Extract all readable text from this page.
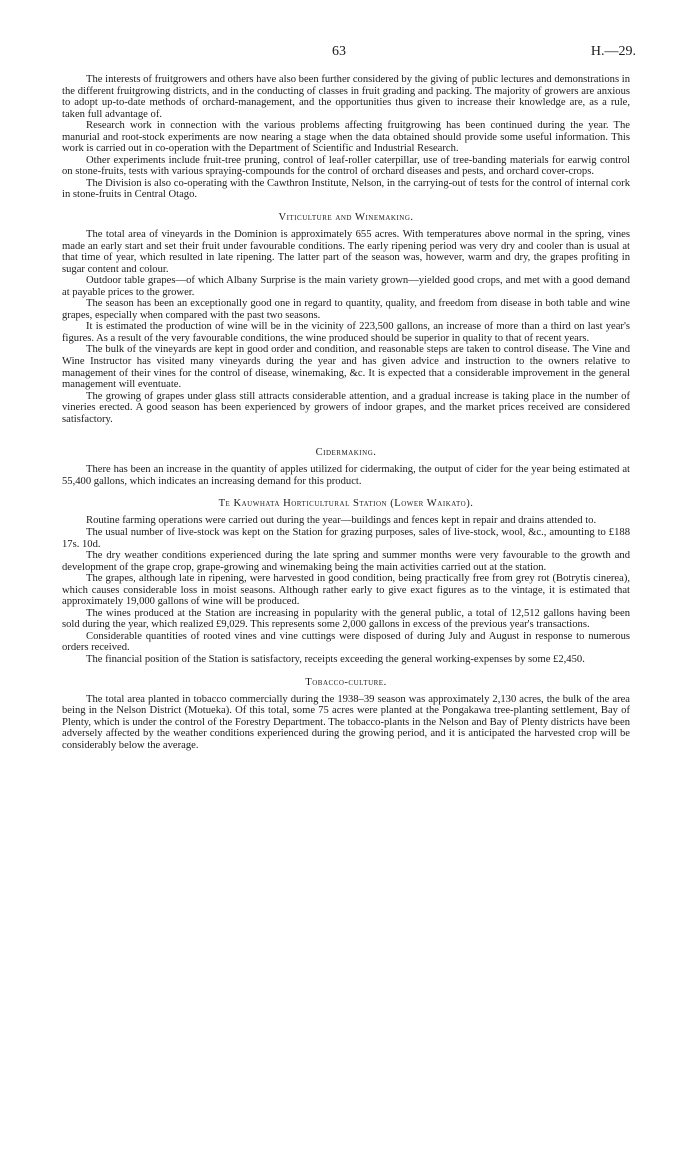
63	H.—29.

The interests of fruitgrowers and others have also been further considered by the giving of public lectures and demonstrations in the different fruitgrowing districts, and in the conducting of classes in fruit grading and packing. The majority of growers are anxious to adopt up-to-date methods of orchard-management, and the opportunities thus given to increase their knowledge are, as a rule, taken full advantage of.

Research work in connection with the various problems affecting fruitgrowing has been continued during the year. The manurial and root-stock experiments are now nearing a stage when the data obtained should provide some useful information. This work is carried out in co-operation with the Department of Scientific and Industrial Research.

Other experiments include fruit-tree pruning, control of leaf-roller caterpillar, use of tree-banding materials for earwig control on stone-fruits, tests with various spraying-compounds for the control of orchard diseases and pests, and orchard cover-crops.

The Division is also co-operating with the Cawthron Institute, Nelson, in the carrying-out of tests for the control of internal cork in stone-fruits in Central Otago.

Viticulture and Winemaking.

The total area of vineyards in the Dominion is approximately 655 acres. With temperatures above normal in the spring, vines made an early start and set their fruit under favourable conditions. The early ripening period was very dry and cooler than is usual at that time of year, which resulted in late ripening. The latter part of the season was, however, warm and dry, the grapes profiting in sugar content and colour.

Outdoor table grapes—of which Albany Surprise is the main variety grown—yielded good crops, and met with a good demand at payable prices to the grower.

The season has been an exceptionally good one in regard to quantity, quality, and freedom from disease in both table and wine grapes, especially when compared with the past two seasons.

It is estimated the production of wine will be in the vicinity of 223,500 gallons, an increase of more than a third on last year's figures. As a result of the very favourable conditions, the wine produced should be superior in quality to that of recent years.

The bulk of the vineyards are kept in good order and condition, and reasonable steps are taken to control disease. The Vine and Wine Instructor has visited many vineyards during the year and has given advice and instruction to the owners relative to management of their vines for the control of disease, winemaking, &c. It is expected that a considerable improvement in the general management will eventuate.

The growing of grapes under glass still attracts considerable attention, and a gradual increase is taking place in the number of vineries erected. A good season has been experienced by growers of indoor grapes, and the market prices received are considered satisfactory.

Cidermaking.

There has been an increase in the quantity of apples utilized for cidermaking, the output of cider for the year being estimated at 55,400 gallons, which indicates an increasing demand for this product.

Te Kauwhata Horticultural Station (Lower Waikato).

Routine farming operations were carried out during the year—buildings and fences kept in repair and drains attended to.

The usual number of live-stock was kept on the Station for grazing purposes, sales of live-stock, wool, &c., amounting to £188 17s. 10d.

The dry weather conditions experienced during the late spring and summer months were very favourable to the growth and development of the grape crop, grape-growing and winemaking being the main activities carried out at the station.

The grapes, although late in ripening, were harvested in good condition, being practically free from grey rot (Botrytis cinerea), which causes considerable loss in moist seasons. Although rather early to give exact figures as to the vintage, it is estimated that approximately 19,000 gallons of wine will be produced.

The wines produced at the Station are increasing in popularity with the general public, a total of 12,512 gallons having been sold during the year, which realized £9,029. This represents some 2,000 gallons in excess of the previous year's transactions.

Considerable quantities of rooted vines and vine cuttings were disposed of during July and August in response to numerous orders received.

The financial position of the Station is satisfactory, receipts exceeding the general working-expenses by some £2,450.

Tobacco-culture.

The total area planted in tobacco commercially during the 1938–39 season was approximately 2,130 acres, the bulk of the area being in the Nelson District (Motueka). Of this total, some 75 acres were planted at the Pongakawa tree-planting settlement, Bay of Plenty, which is under the control of the Forestry Department. The tobacco-plants in the Nelson and Bay of Plenty districts have been adversely affected by the weather conditions experienced during the growing period, and it is anticipated the harvested crop will be considerably below the average.
